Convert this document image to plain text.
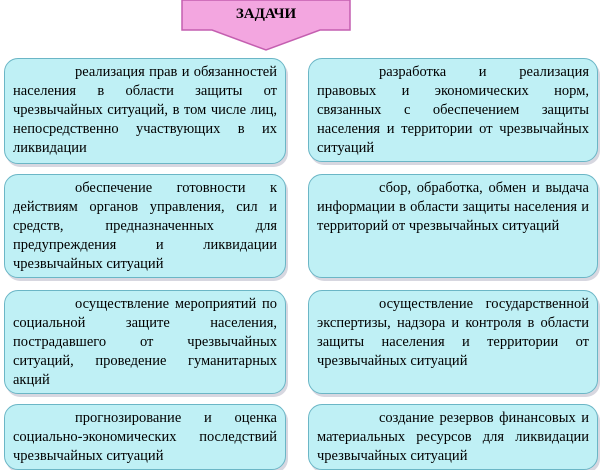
ЗАДАЧИ

реализация прав и обязанностей населения в области защиты от чрезвычайных ситуаций, в том числе лиц, непосредственно участвующих в их ликвидации

обеспечение готовности к действиям органов управления, сил и средств, предназначенных для предупреждения и ликвидации чрезвычайных ситуаций

осуществление мероприятий по социальной защите населения, пострадавшего от чрезвычайных ситуаций, проведение гуманитарных акций

прогнозирование и оценка социально-экономических последствий чрезвычайных ситуаций

разработка и реализация правовых и экономических норм, связанных с обеспечением защиты населения и территории от чрезвычайных ситуаций

сбор, обработка, обмен и выдача информации в области защиты населения и территорий от чрезвычайных ситуаций

осуществление государственной экспертизы, надзора и контроля в области защиты населения и территории от чрезвычайных ситуаций

создание резервов финансовых и материальных ресурсов для ликвидации чрезвычайных ситуаций
